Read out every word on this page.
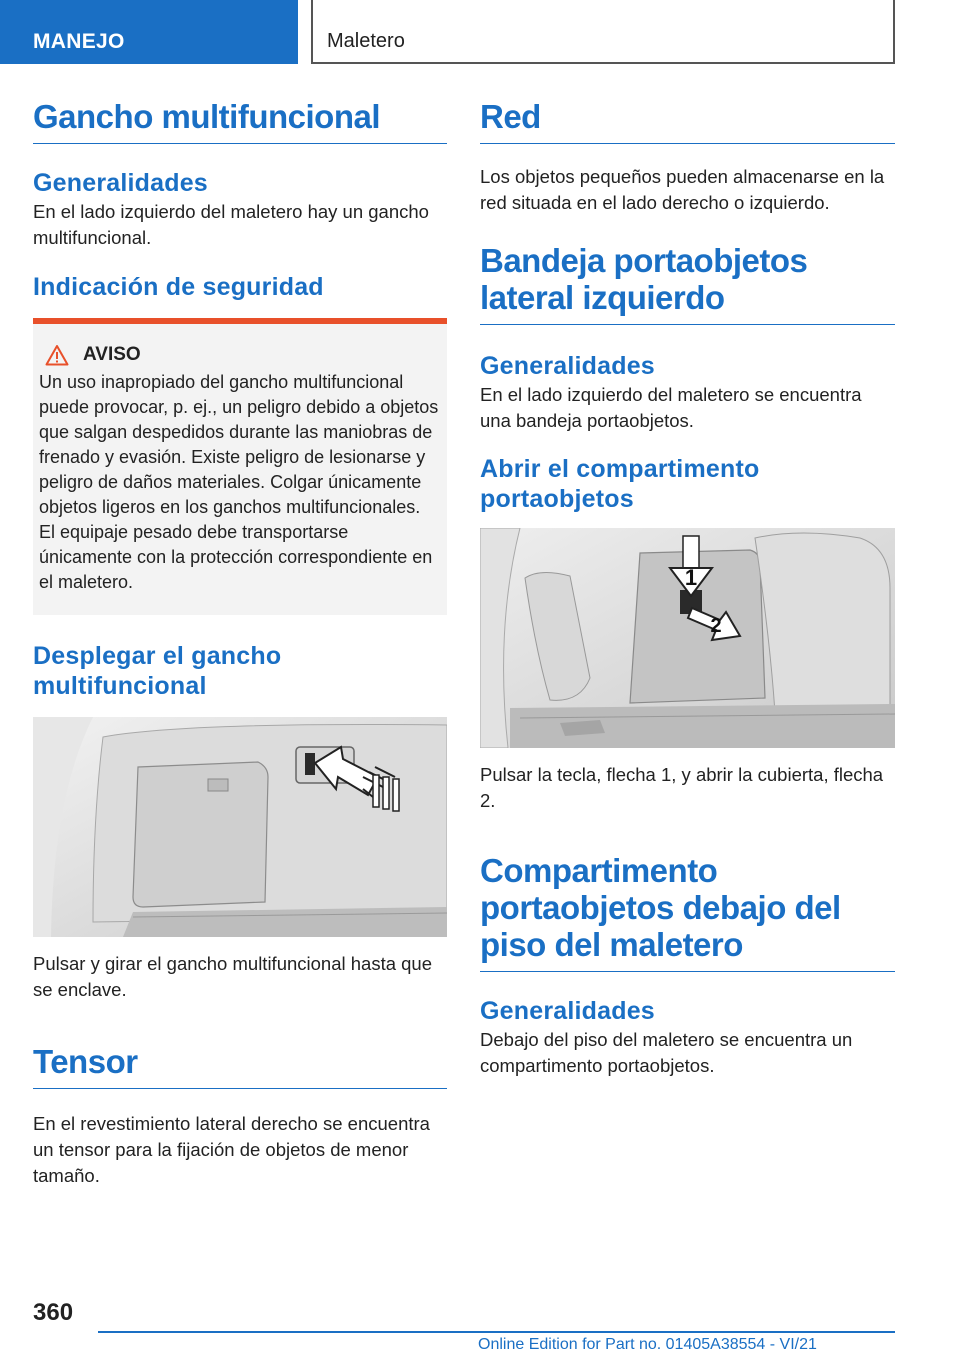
MANEJO	Maletero
Gancho multifuncional
Generalidades

En el lado izquierdo del maletero hay un gancho multifuncional.

Indicación de seguridad
AVISO

Un uso inapropiado del gancho multifuncional puede provocar, p. ej., un peligro debido a objetos que salgan despedidos durante las maniobras de frenado y evasión. Existe peligro de lesionarse y peligro de daños materiales. Colgar únicamente objetos ligeros en los ganchos multifuncionales. El equipaje pesado debe transportarse únicamente con la protección correspondiente en el maletero.

Desplegar el gancho multifuncional

Pulsar y girar el gancho multifuncional hasta que se enclave.

Tensor

En el revestimiento lateral derecho se encuentra un tensor para la fijación de objetos de menor tamaño.

Red

Los objetos pequeños pueden almacenarse en la red situada en el lado derecho o izquierdo.

Bandeja portaobjetos lateral izquierdo
Generalidades

En el lado izquierdo del maletero se encuentra una bandeja portaobjetos.

Abrir el compartimento portaobjetos
1
2

Pulsar la tecla, flecha 1, y abrir la cubierta, flecha 2.

Compartimento portaobjetos debajo del piso del maletero
Generalidades

Debajo del piso del maletero se encuentra un compartimento portaobjetos.

360
Online Edition for Part no. 01405A38554 - VI/21
